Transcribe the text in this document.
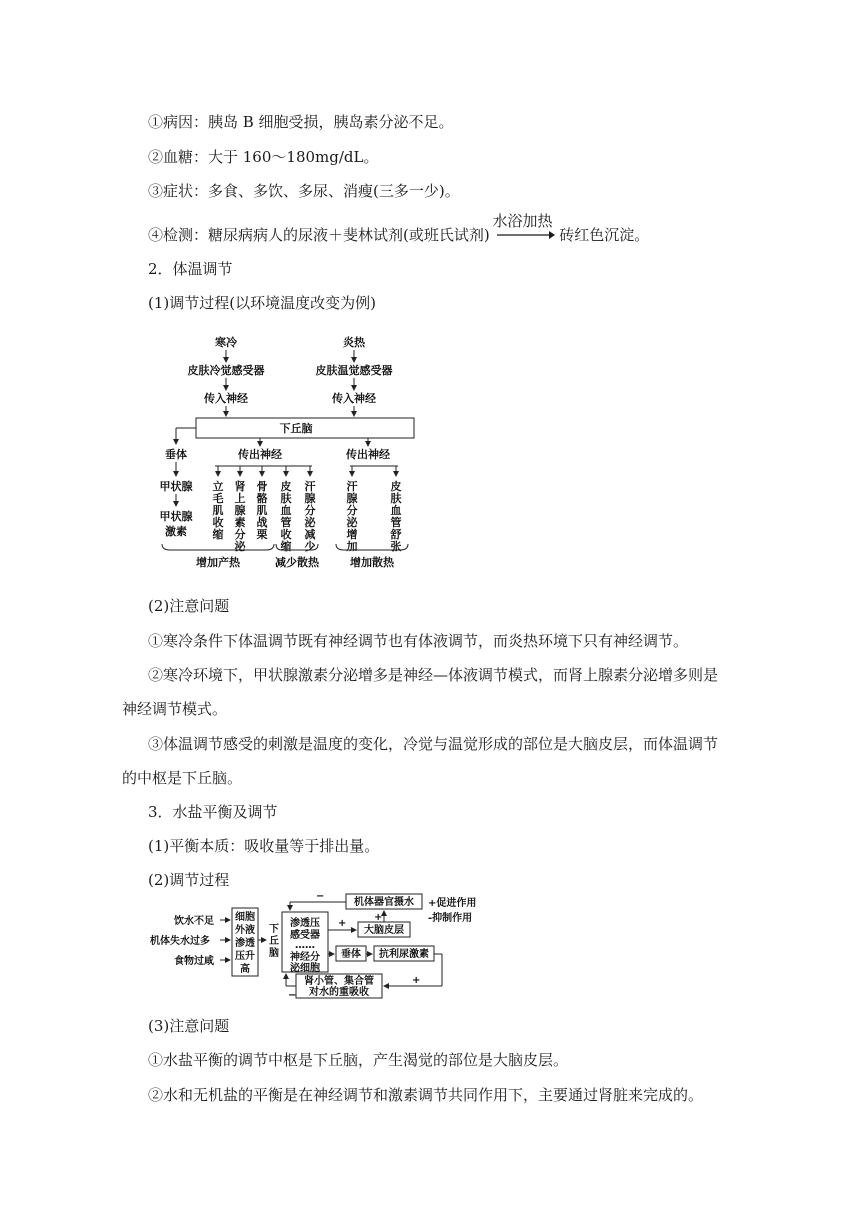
①病因：胰岛 B 细胞受损，胰岛素分泌不足。
②血糖：大于 160～180mg/dL。
③症状：多食、多饮、多尿、消瘦(三多一少)。
④检测：糖尿病病人的尿液＋斐林试剂(或班氏试剂)
水浴加热
砖红色沉淀。
2．体温调节
(1)调节过程(以环境温度改变为例)
寒冷
皮肤冷觉感受器
传入神经
炎热
皮肤温觉感受器
传入神经
下丘脑
垂体	传出神经	传出神经
甲状腺
甲状腺
激素
立毛肌收缩
肾上腺素分泌
骨骼肌战栗
皮肤血管收缩
汗腺分泌减少
汗腺分泌增加
皮肤血管舒张
增加产热	减少散热	增加散热
(2)注意问题
①寒冷条件下体温调节既有神经调节也有体液调节，而炎热环境下只有神经调节。
②寒冷环境下，甲状腺激素分泌增多是神经—体液调节模式，而肾上腺素分泌增多则是
神经调节模式。
③体温调节感受的刺激是温度的变化，冷觉与温觉形成的部位是大脑皮层，而体温调节
的中枢是下丘脑。
3．水盐平衡及调节
(1)平衡本质：吸收量等于排出量。
(2)调节过程
饮水不足
机体失水过多
食物过咸
细胞
外液
渗透
压升
高
下
丘
脑
渗透压
感受器
……
神经分
泌细胞
机体器官摄水
大脑皮层
+
+
−
垂体 抗利尿激素
+
肾小管、集合管
对水的重吸收
−
+促进作用
-抑制作用
(3)注意问题
①水盐平衡的调节中枢是下丘脑，产生渴觉的部位是大脑皮层。
②水和无机盐的平衡是在神经调节和激素调节共同作用下，主要通过肾脏来完成的。
